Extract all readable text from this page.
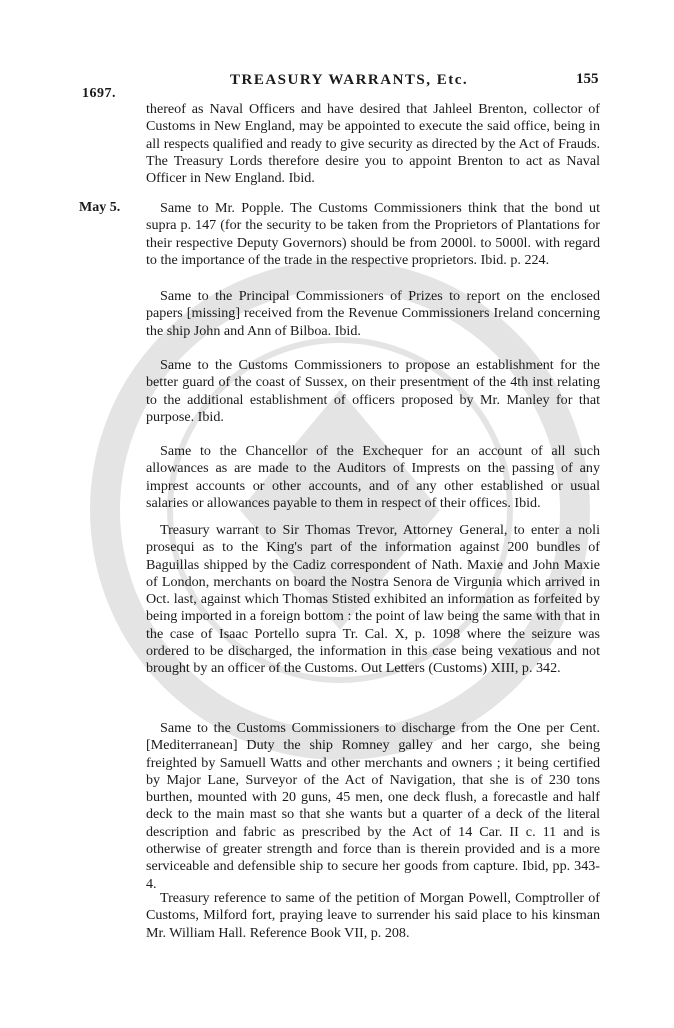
1697.
TREASURY WARRANTS, Etc.	155
May 5.

thereof as Naval Officers and have desired that Jahleel Brenton, collector of Customs in New England, may be appointed to execute the said office, being in all respects qualified and ready to give security as directed by the Act of Frauds. The Treasury Lords therefore desire you to appoint Brenton to act as Naval Officer in New England. Ibid.

Same to Mr. Popple. The Customs Commissioners think that the bond ut supra p. 147 (for the security to be taken from the Proprietors of Plantations for their respective Deputy Governors) should be from 2000l. to 5000l. with regard to the importance of the trade in the respective proprietors. Ibid. p. 224.

Same to the Principal Commissioners of Prizes to report on the enclosed papers [missing] received from the Revenue Commissioners Ireland concerning the ship John and Ann of Bilboa. Ibid.

Same to the Customs Commissioners to propose an establishment for the better guard of the coast of Sussex, on their presentment of the 4th inst relating to the additional establishment of officers proposed by Mr. Manley for that purpose. Ibid.

Same to the Chancellor of the Exchequer for an account of all such allowances as are made to the Auditors of Imprests on the passing of any imprest accounts or other accounts, and of any other established or usual salaries or allowances payable to them in respect of their offices. Ibid.

Treasury warrant to Sir Thomas Trevor, Attorney General, to enter a noli prosequi as to the King's part of the information against 200 bundles of Baguillas shipped by the Cadiz correspondent of Nath. Maxie and John Maxie of London, merchants on board the Nostra Senora de Virgunia which arrived in Oct. last, against which Thomas Stisted exhibited an information as forfeited by being imported in a foreign bottom : the point of law being the same with that in the case of Isaac Portello supra Tr. Cal. X, p. 1098 where the seizure was ordered to be discharged, the information in this case being vexatious and not brought by an officer of the Customs. Out Letters (Customs) XIII, p. 342.

Same to the Customs Commissioners to discharge from the One per Cent. [Mediterranean] Duty the ship Romney galley and her cargo, she being freighted by Samuell Watts and other merchants and owners ; it being certified by Major Lane, Surveyor of the Act of Navigation, that she is of 230 tons burthen, mounted with 20 guns, 45 men, one deck flush, a forecastle and half deck to the main mast so that she wants but a quarter of a deck of the literal description and fabric as prescribed by the Act of 14 Car. II c. 11 and is otherwise of greater strength and force than is therein provided and is a more serviceable and defensible ship to secure her goods from capture. Ibid, pp. 343-4.

Treasury reference to same of the petition of Morgan Powell, Comptroller of Customs, Milford fort, praying leave to surrender his said place to his kinsman Mr. William Hall. Reference Book VII, p. 208.
